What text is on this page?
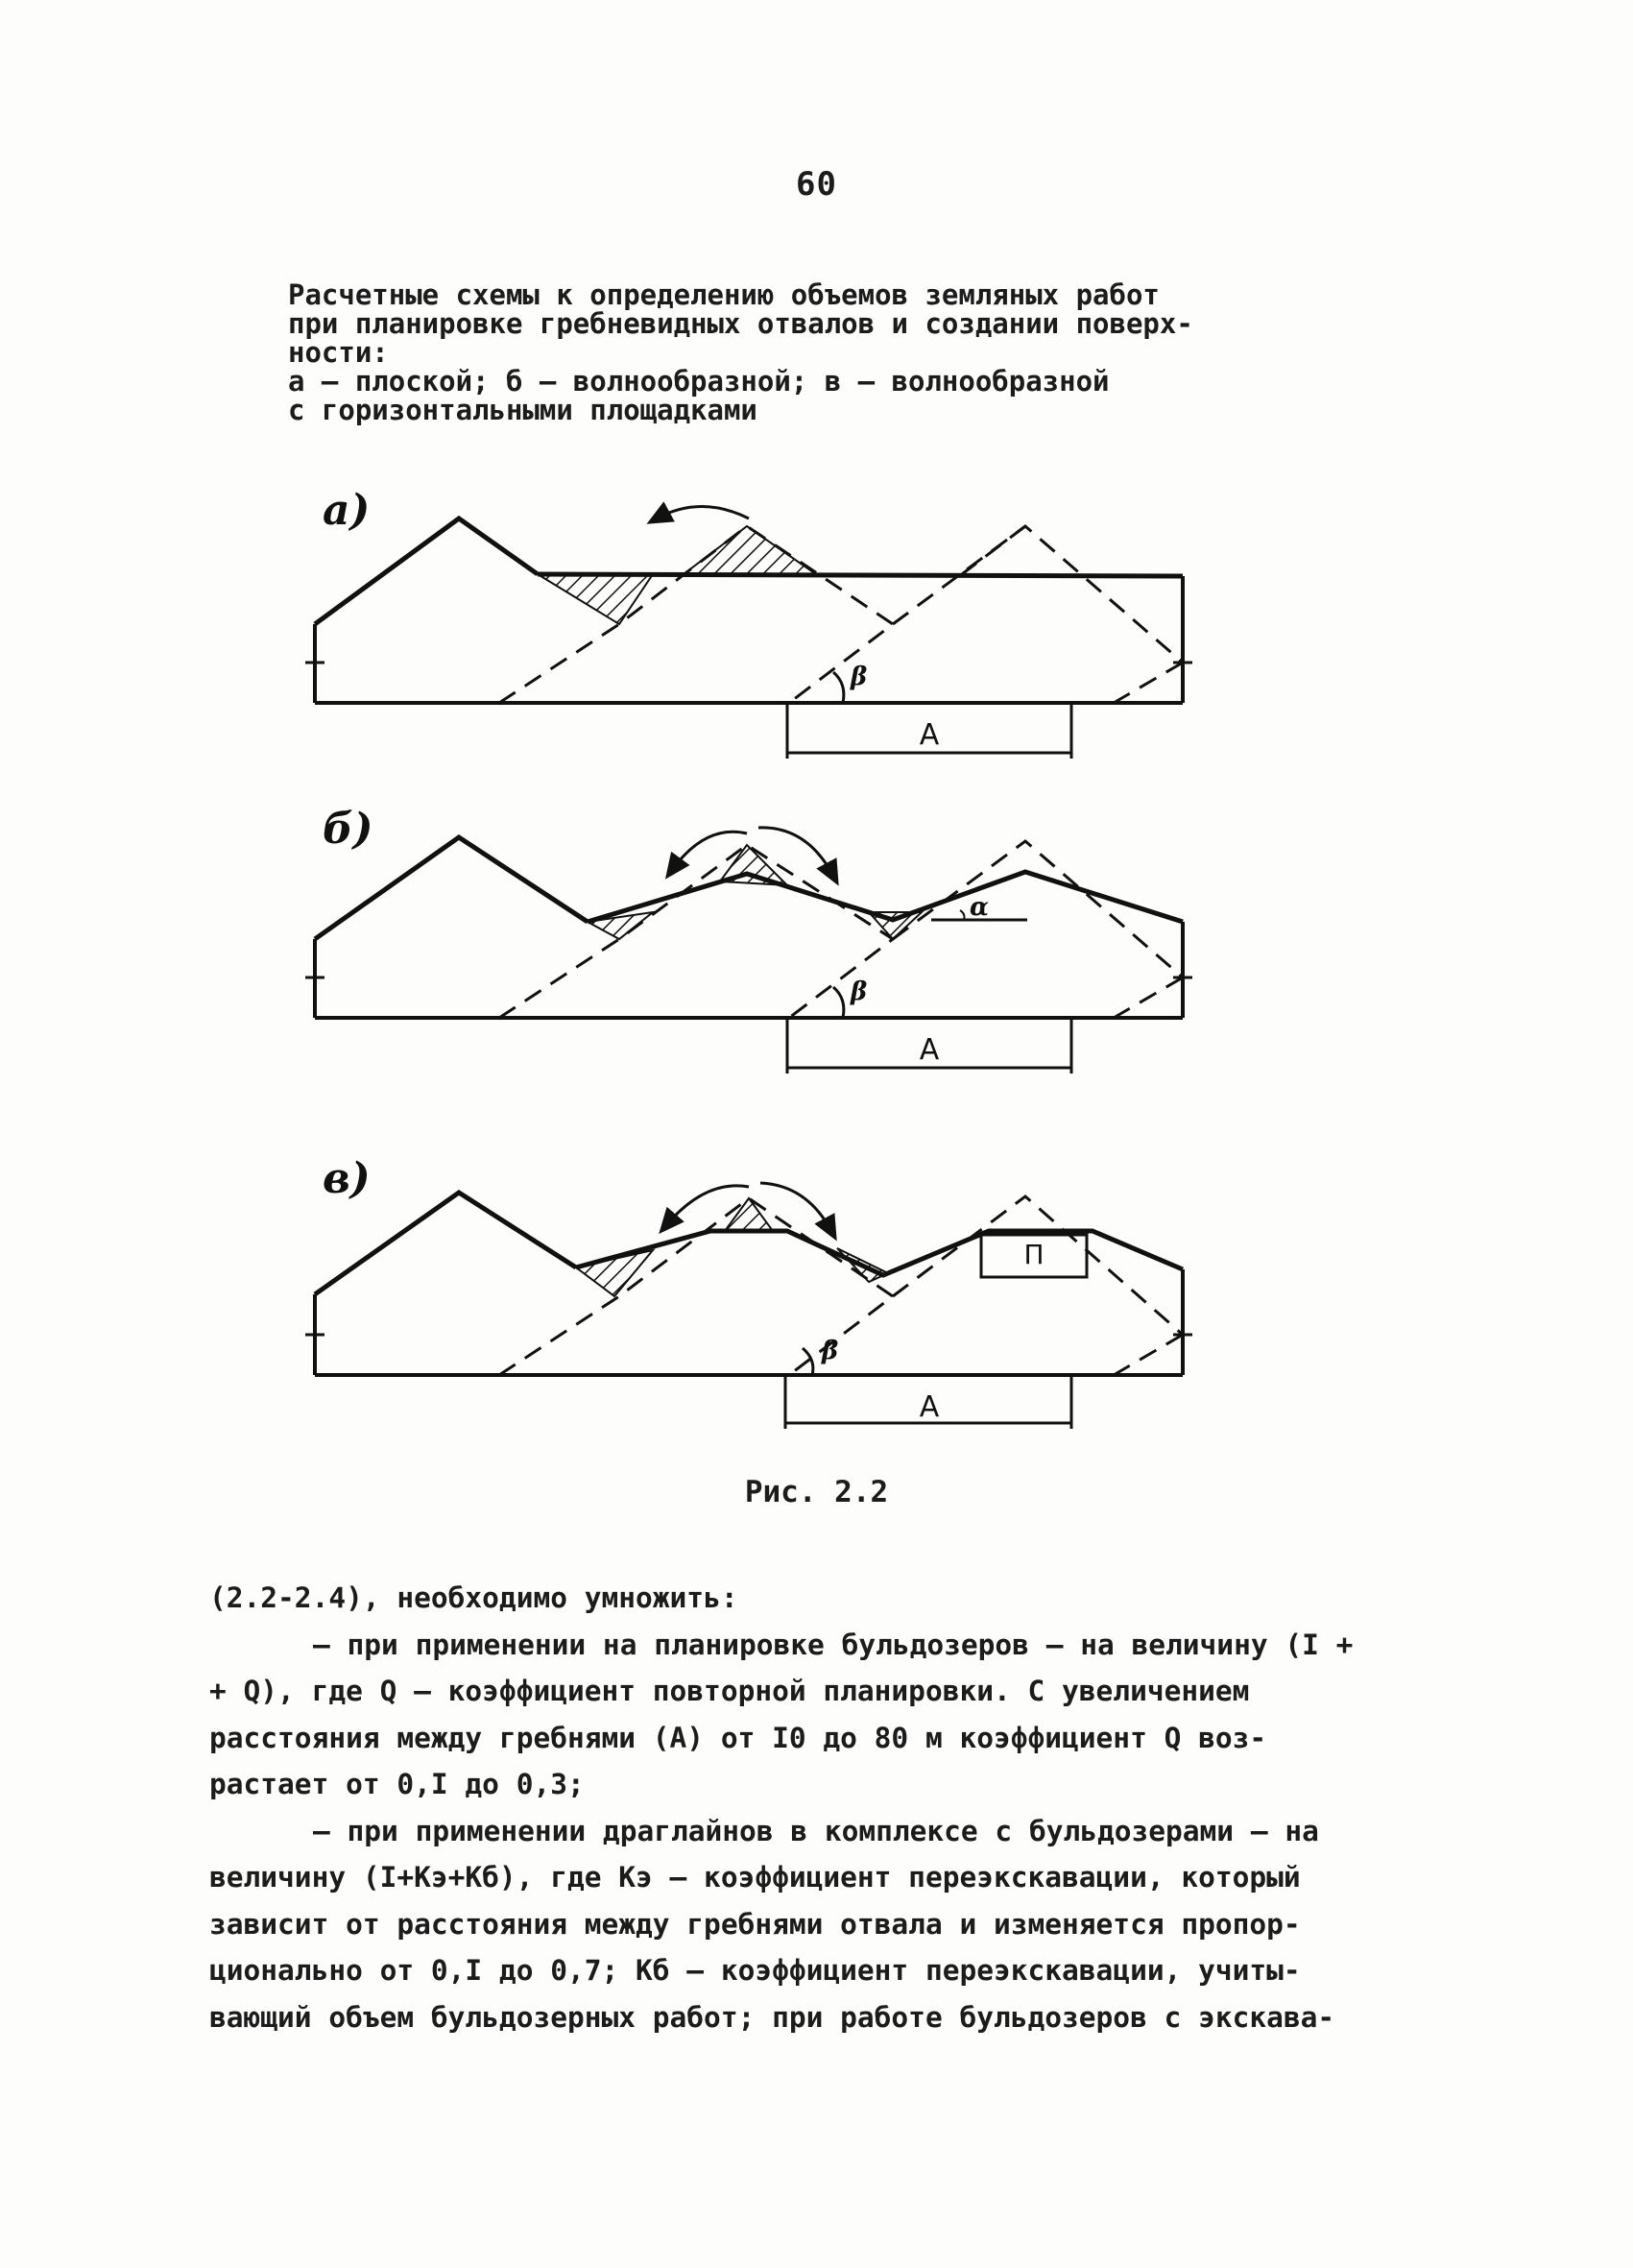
60
Расчетные схемы к определению объемов земляных работ
при планировке гребневидных отвалов и создании поверх-
ности:
а – плоской; б – волнообразной; в – волнообразной
с горизонтальными площадками
а)
б)
в)
A
A
A
β
β
β
α
П
Рис. 2.2
(2.2-2.4), необходимо умножить:
– при применении на планировке бульдозеров – на величину (I +
+ Q), где Q – коэффициент повторной планировки. С увеличением
расстояния между гребнями (A) от I0 до 80 м коэффициент Q воз-
растает от 0,I до 0,3;
– при применении драглайнов в комплексе с бульдозерами – на
величину (I+Kэ+Kб), где Kэ – коэффициент переэкскавации, который
зависит от расстояния между гребнями отвала и изменяется пропор-
ционально от 0,I до 0,7; Kб – коэффициент переэкскавации, учиты-
вающий объем бульдозерных работ; при работе бульдозеров с экскава-
